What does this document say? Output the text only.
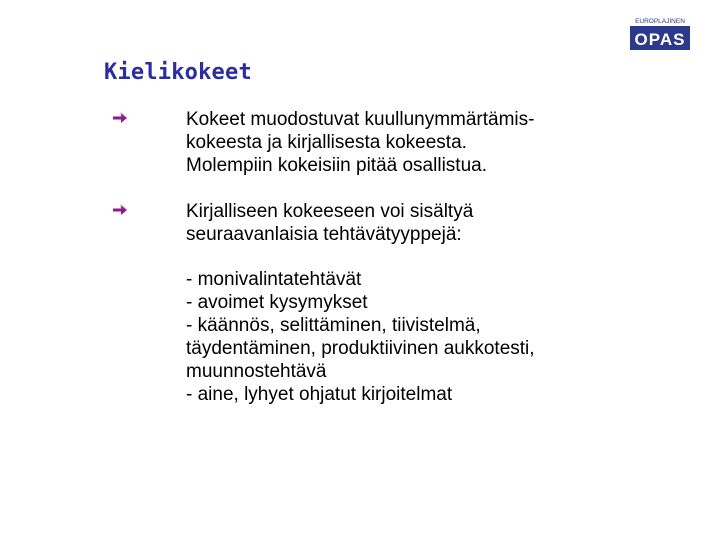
EUROPLAJINEN
OPAS
Kielikokeet

Kokeet muodostuvat kuullunymmärtämis-
kokeesta ja kirjallisesta kokeesta.
Molempiin kokeisiin pitää osallistua.

Kirjalliseen kokeeseen voi sisältyä
seuraavanlaisia tehtävätyyppejä:

- monivalintatehtävät
- avoimet kysymykset
- käännös, selittäminen, tiivistelmä,
täydentäminen, produktiivinen aukkotesti,
muunnostehtävä
- aine, lyhyet ohjatut kirjoitelmat
